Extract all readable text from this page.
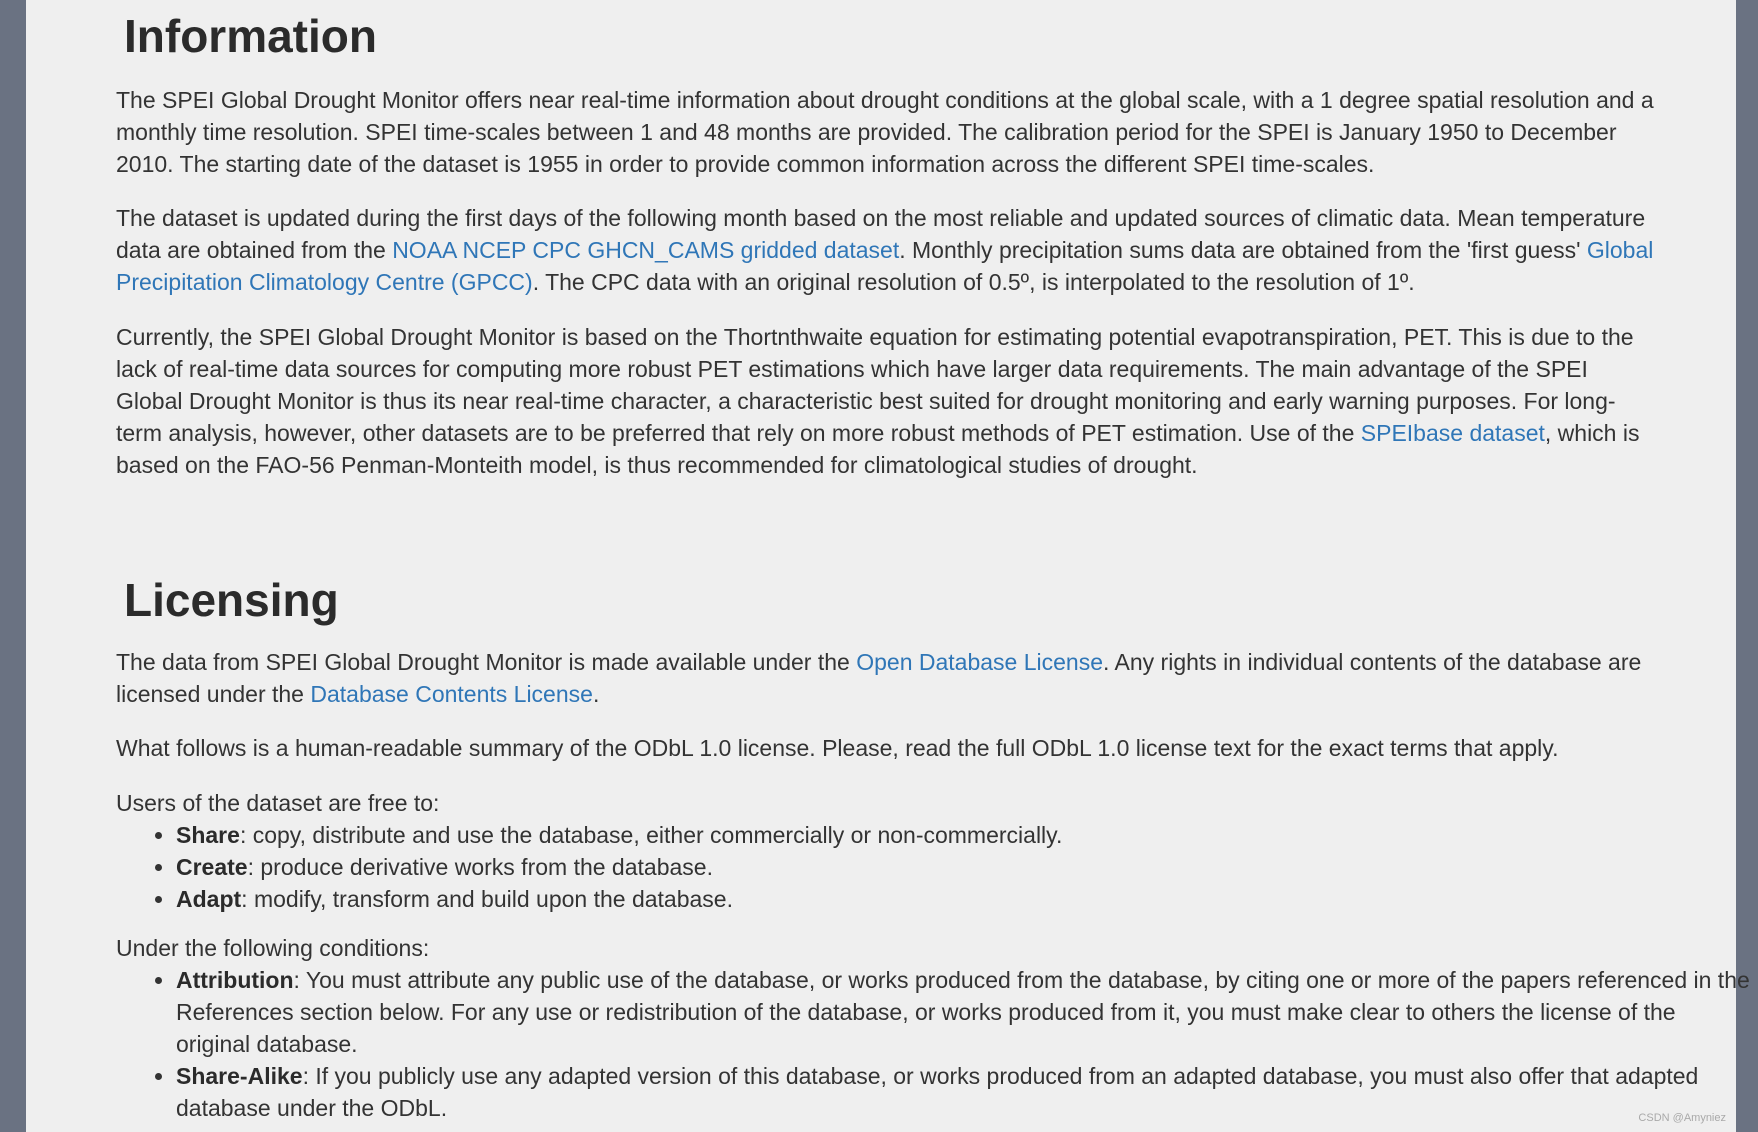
Information

The SPEI Global Drought Monitor offers near real-time information about drought conditions at the global scale, with a 1 degree spatial resolution and a monthly time resolution. SPEI time-scales between 1 and 48 months are provided. The calibration period for the SPEI is January 1950 to December 2010. The starting date of the dataset is 1955 in order to provide common information across the different SPEI time-scales.

The dataset is updated during the first days of the following month based on the most reliable and updated sources of climatic data. Mean temperature data are obtained from the NOAA NCEP CPC GHCN_CAMS gridded dataset. Monthly precipitation sums data are obtained from the 'first guess' Global Precipitation Climatology Centre (GPCC). The CPC data with an original resolution of 0.5º, is interpolated to the resolution of 1º.

Currently, the SPEI Global Drought Monitor is based on the Thortnthwaite equation for estimating potential evapotranspiration, PET. This is due to the lack of real-time data sources for computing more robust PET estimations which have larger data requirements. The main advantage of the SPEI Global Drought Monitor is thus its near real-time character, a characteristic best suited for drought monitoring and early warning purposes. For long-term analysis, however, other datasets are to be preferred that rely on more robust methods of PET estimation. Use of the SPEIbase dataset, which is based on the FAO-56 Penman-Monteith model, is thus recommended for climatological studies of drought.

Licensing

The data from SPEI Global Drought Monitor is made available under the Open Database License. Any rights in individual contents of the database are licensed under the Database Contents License.

What follows is a human-readable summary of the ODbL 1.0 license. Please, read the full ODbL 1.0 license text for the exact terms that apply.

Users of the dataset are free to:

• Share: copy, distribute and use the database, either commercially or non-commercially.
• Create: produce derivative works from the database.
• Adapt: modify, transform and build upon the database.

Under the following conditions:

• Attribution: You must attribute any public use of the database, or works produced from the database, by citing one or more of the papers referenced in the References section below. For any use or redistribution of the database, or works produced from it, you must make clear to others the license of the original database.
• Share-Alike: If you publicly use any adapted version of this database, or works produced from an adapted database, you must also offer that adapted database under the ODbL.	CSDN @Amyniez
